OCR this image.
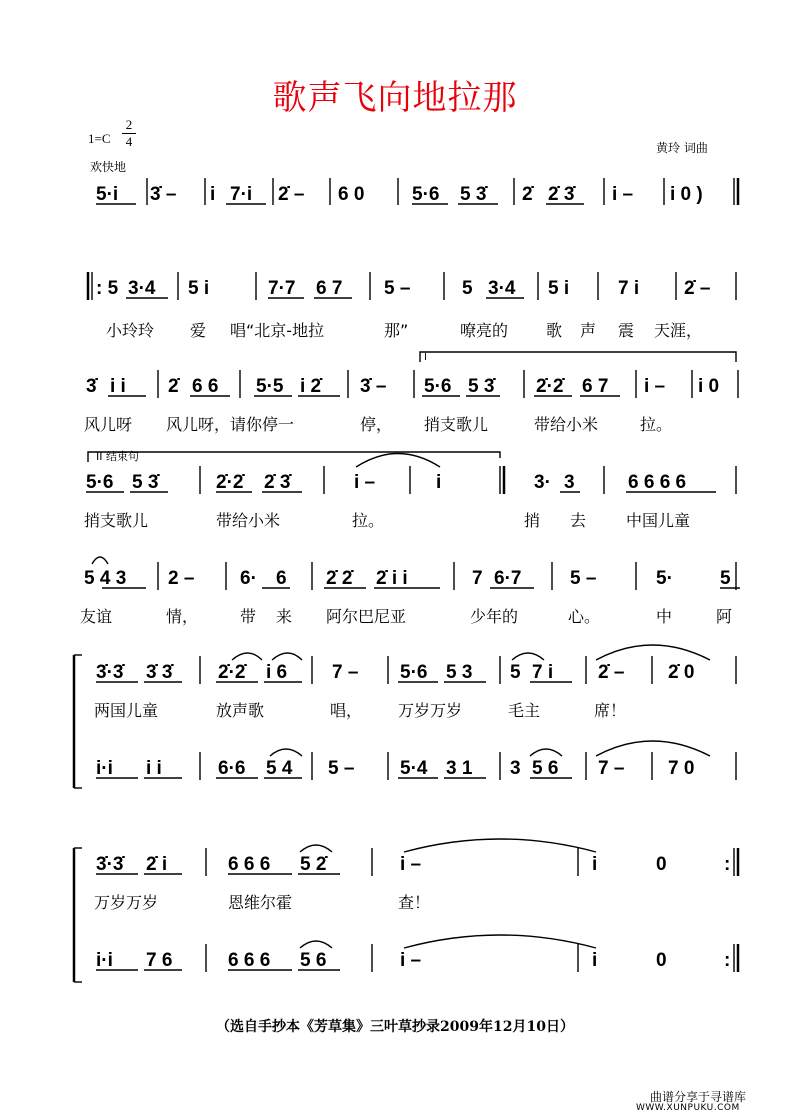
歌声飞向地拉那
1=C
2
4
欢快地
黄玲 词曲
5·i 3̇ – i 7·i 2̇ – 6 0	5·6 5 3̇ 2̇ 2̇ 3̇ i – i 0 )
: 5 3·4 5 i	7·7 6 7 5 –	5 3·4 5 i	7 i 2̇ –
3̇ i i 2̇ 6 6 5·5 i 2̇ 3̇ – 5·6 5 3̇ 2̇·2̇ 6 7 i – i 0
5·6 5 3̇	2̇·2̇ 2̇ 3̇	i –	i	3· 3	6 6 6 6
5 4 3 2 – 6· 6 2̇ 2̇ 2̇ i i	7 6·7	5 –	5· 5
3̇·3̇ 3̇ 3̇ 2̇·2̇ i 6 7 – 5·6 5 3 5 7 i 2̇ – 2̇ 0
i·i i i	6·6 5 4 5 – 5·4 3 1 3 5 6 7 – 7 0
3̇·3̇ 2̇ i	6 6 6 5 2̇	i –	i	0	:
i·i 7 6	6 6 6 5 6	i –	i	0	:
I
II 结束句
小玲玲 爱 唱“北京-地拉	那”	嘹亮的 歌 声 震 天涯，
风儿呀 风儿呀，请你停一	停， 捎支歌儿	带给小米	拉。
捎支歌儿	带给小米	拉。	捎 去 中国儿童
友谊	情，	带 来 阿尔巴尼亚	少年的	心。	中	阿
两国儿童	放声歌	唱， 万岁万岁	毛主	席！
万岁万岁	恩维尔霍	查！
（选自手抄本《芳草集》三叶草抄录2009年12月10日）
曲谱分享于寻谱库
WWW.XUNPUKU.COM
